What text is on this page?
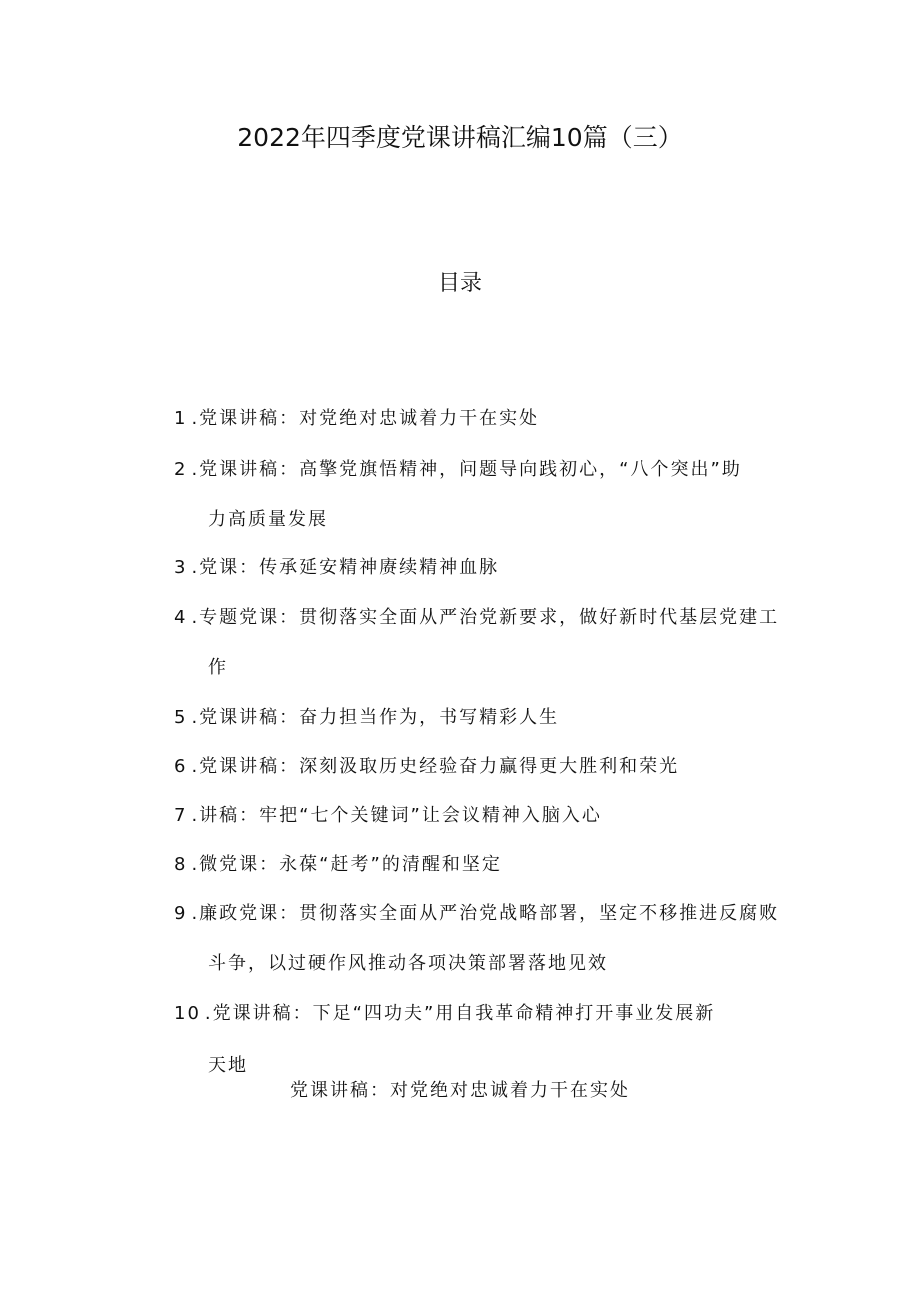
2022年四季度党课讲稿汇编10篇（三）
目录
1 .党课讲稿：对党绝对忠诚着力干在实处
2 .党课讲稿：高擎党旗悟精神，问题导向践初心，“八个突出”助
力高质量发展
3 .党课：传承延安精神赓续精神血脉
4 .专题党课：贯彻落实全面从严治党新要求，做好新时代基层党建工
作
5 .党课讲稿：奋力担当作为，书写精彩人生
6 .党课讲稿：深刻汲取历史经验奋力赢得更大胜利和荣光
7 .讲稿：牢把“七个关键词”让会议精神入脑入心
8 .微党课：永葆“赶考”的清醒和坚定
9 .廉政党课：贯彻落实全面从严治党战略部署，坚定不移推进反腐败
斗争，以过硬作风推动各项决策部署落地见效
10 .党课讲稿：下足“四功夫”用自我革命精神打开事业发展新
天地
党课讲稿：对党绝对忠诚着力干在实处
